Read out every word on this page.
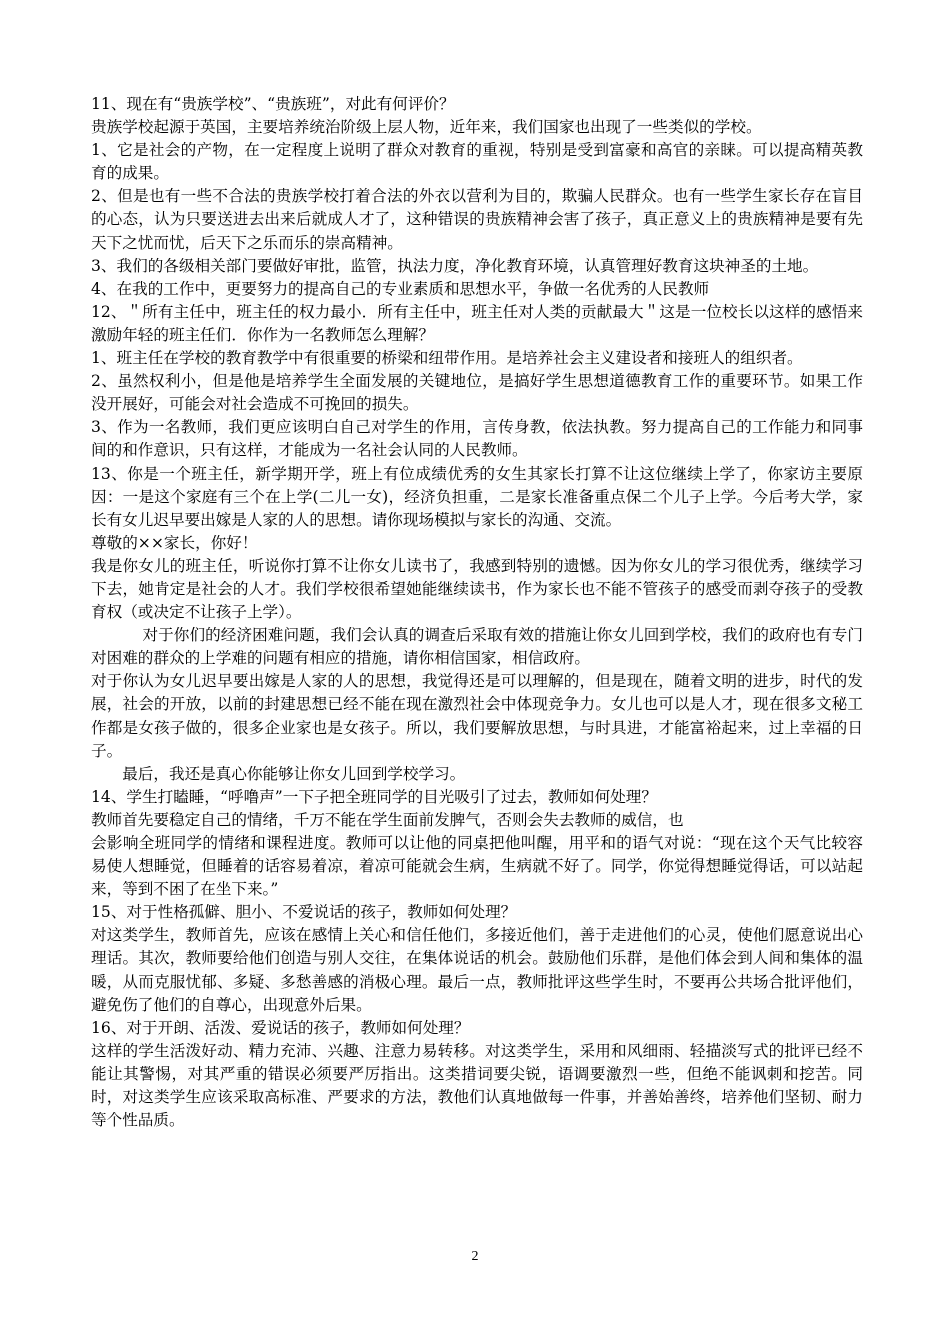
11、现在有“贵族学校”、“贵族班”，对此有何评价？

贵族学校起源于英国，主要培养统治阶级上层人物，近年来，我们国家也出现了一些类似的学校。

1、它是社会的产物，在一定程度上说明了群众对教育的重视，特别是受到富豪和高官的亲睐。可以提高精英教育的成果。

2、但是也有一些不合法的贵族学校打着合法的外衣以营利为目的，欺骗人民群众。也有一些学生家长存在盲目的心态，认为只要送进去出来后就成人才了，这种错误的贵族精神会害了孩子，真正意义上的贵族精神是要有先天下之忧而忧，后天下之乐而乐的崇高精神。

3、我们的各级相关部门要做好审批，监管，执法力度，净化教育环境，认真管理好教育这块神圣的土地。

4、在我的工作中，更要努力的提高自己的专业素质和思想水平，争做一名优秀的人民教师

12、＂所有主任中，班主任的权力最小．所有主任中，班主任对人类的贡献最大＂这是一位校长以这样的感悟来激励年轻的班主任们．你作为一名教师怎么理解？

1、班主任在学校的教育教学中有很重要的桥梁和纽带作用。是培养社会主义建设者和接班人的组织者。

2、虽然权利小，但是他是培养学生全面发展的关键地位，是搞好学生思想道德教育工作的重要环节。如果工作没开展好，可能会对社会造成不可挽回的损失。

3、作为一名教师，我们更应该明白自己对学生的作用，言传身教，依法执教。努力提高自己的工作能力和同事间的和作意识，只有这样，才能成为一名社会认同的人民教师。

13、你是一个班主任，新学期开学，班上有位成绩优秀的女生其家长打算不让这位继续上学了，你家访主要原因：一是这个家庭有三个在上学(二儿一女)，经济负担重，二是家长准备重点保二个儿子上学。今后考大学，家长有女儿迟早要出嫁是人家的人的思想。请你现场模拟与家长的沟通、交流。

尊敬的××家长，你好！

我是你女儿的班主任，听说你打算不让你女儿读书了，我感到特别的遗憾。因为你女儿的学习很优秀，继续学习下去，她肯定是社会的人才。我们学校很希望她能继续读书，作为家长也不能不管孩子的感受而剥夺孩子的受教育权（或决定不让孩子上学）。

对于你们的经济困难问题，我们会认真的调查后采取有效的措施让你女儿回到学校，我们的政府也有专门对困难的群众的上学难的问题有相应的措施，请你相信国家，相信政府。

对于你认为女儿迟早要出嫁是人家的人的思想，我觉得还是可以理解的，但是现在，随着文明的进步，时代的发展，社会的开放，以前的封建思想已经不能在现在激烈社会中体现竞争力。女儿也可以是人才，现在很多文秘工作都是女孩子做的，很多企业家也是女孩子。所以，我们要解放思想，与时具进，才能富裕起来，过上幸福的日子。

最后，我还是真心你能够让你女儿回到学校学习。

14、学生打瞌睡，“呼噜声”一下子把全班同学的目光吸引了过去，教师如何处理？

教师首先要稳定自己的情绪，千万不能在学生面前发脾气，否则会失去教师的威信，也

会影响全班同学的情绪和课程进度。教师可以让他的同桌把他叫醒，用平和的语气对说：“现在这个天气比较容易使人想睡觉，但睡着的话容易着凉，着凉可能就会生病，生病就不好了。同学，你觉得想睡觉得话，可以站起来，等到不困了在坐下来。”

15、对于性格孤僻、胆小、不爱说话的孩子，教师如何处理？

对这类学生，教师首先，应该在感情上关心和信任他们，多接近他们，善于走进他们的心灵，使他们愿意说出心理话。其次，教师要给他们创造与别人交往，在集体说话的机会。鼓励他们乐群，是他们体会到人间和集体的温暖，从而克服忧郁、多疑、多愁善感的消极心理。最后一点，教师批评这些学生时，不要再公共场合批评他们，避免伤了他们的自尊心，出现意外后果。

16、对于开朗、活泼、爱说话的孩子，教师如何处理？

这样的学生活泼好动、精力充沛、兴趣、注意力易转移。对这类学生，采用和风细雨、轻描淡写式的批评已经不能让其警惕，对其严重的错误必须要严厉指出。这类措词要尖锐，语调要激烈一些，但绝不能讽刺和挖苦。同时，对这类学生应该采取高标准、严要求的方法，教他们认真地做每一件事，并善始善终，培养他们坚韧、耐力等个性品质。

2
